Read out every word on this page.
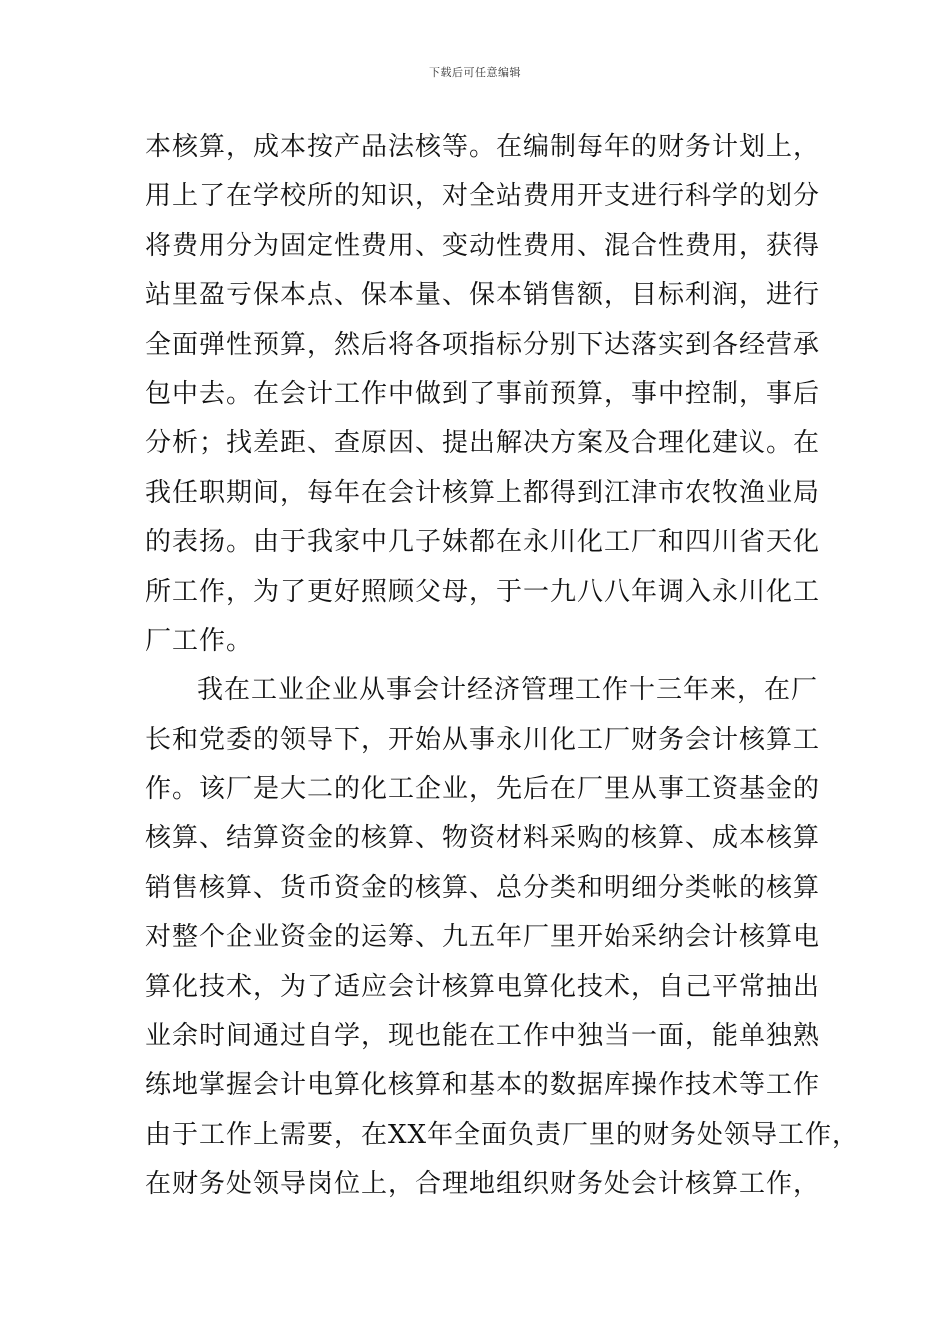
下载后可任意编辑
本核算，成本按产品法核等。在编制每年的财务计划上，
用上了在学校所的知识，对全站费用开支进行科学的划分
将费用分为固定性费用、变动性费用、混合性费用，获得
站里盈亏保本点、保本量、保本销售额，目标利润，进行
全面弹性预算，然后将各项指标分别下达落实到各经营承
包中去。在会计工作中做到了事前预算，事中控制，事后
分析；找差距、查原因、提出解决方案及合理化建议。在
我任职期间，每年在会计核算上都得到江津市农牧渔业局
的表扬。由于我家中几子妹都在永川化工厂和四川省天化
所工作，为了更好照顾父母，于一九八八年调入永川化工
厂工作。
我在工业企业从事会计经济管理工作十三年来，在厂
长和党委的领导下，开始从事永川化工厂财务会计核算工
作。该厂是大二的化工企业，先后在厂里从事工资基金的
核算、结算资金的核算、物资材料采购的核算、成本核算
销售核算、货币资金的核算、总分类和明细分类帐的核算
对整个企业资金的运筹、九五年厂里开始采纳会计核算电
算化技术，为了适应会计核算电算化技术，自己平常抽出
业余时间通过自学，现也能在工作中独当一面，能单独熟
练地掌握会计电算化核算和基本的数据库操作技术等工作
由于工作上需要，在XX年全面负责厂里的财务处领导工作，
在财务处领导岗位上，合理地组织财务处会计核算工作，
